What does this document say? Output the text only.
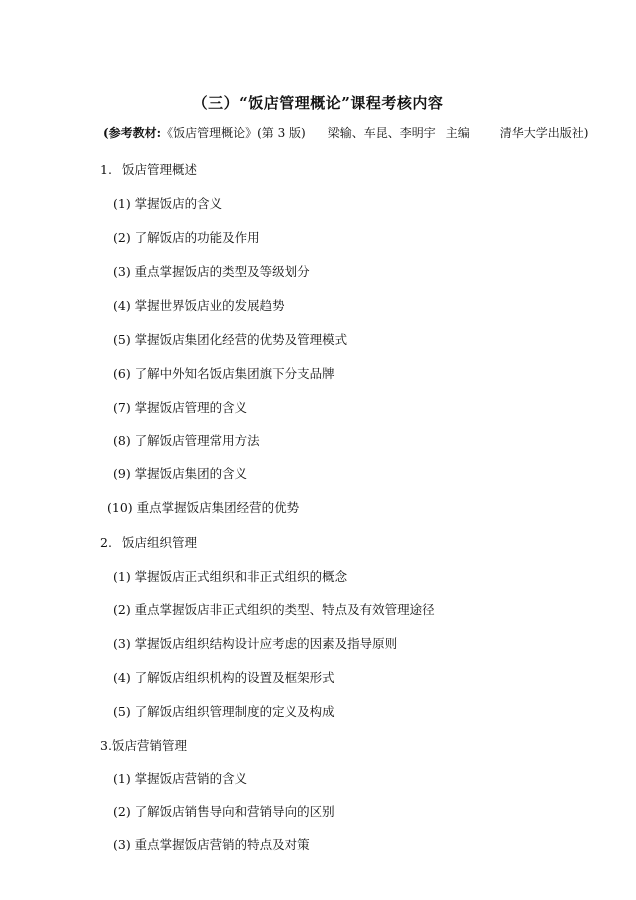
（三）“饭店管理概论”课程考核内容

(参考教材:《饭店管理概论》(第 3 版) 梁输、车昆、李明宇 主编	清华大学出版社)

1. 饭店管理概述

(1) 掌握饭店的含义

(2) 了解饭店的功能及作用

(3) 重点掌握饭店的类型及等级划分

(4) 掌握世界饭店业的发展趋势

(5) 掌握饭店集团化经营的优势及管理模式

(6) 了解中外知名饭店集团旗下分支品牌

(7) 掌握饭店管理的含义

(8) 了解饭店管理常用方法

(9) 掌握饭店集团的含义

(10) 重点掌握饭店集团经营的优势

2. 饭店组织管理

(1) 掌握饭店正式组织和非正式组织的概念

(2) 重点掌握饭店非正式组织的类型、特点及有效管理途径

(3) 掌握饭店组织结构设计应考虑的因素及指导原则

(4) 了解饭店组织机构的设置及框架形式

(5) 了解饭店组织管理制度的定义及构成

3.饭店营销管理

(1) 掌握饭店营销的含义

(2) 了解饭店销售导向和营销导向的区别

(3) 重点掌握饭店营销的特点及对策
